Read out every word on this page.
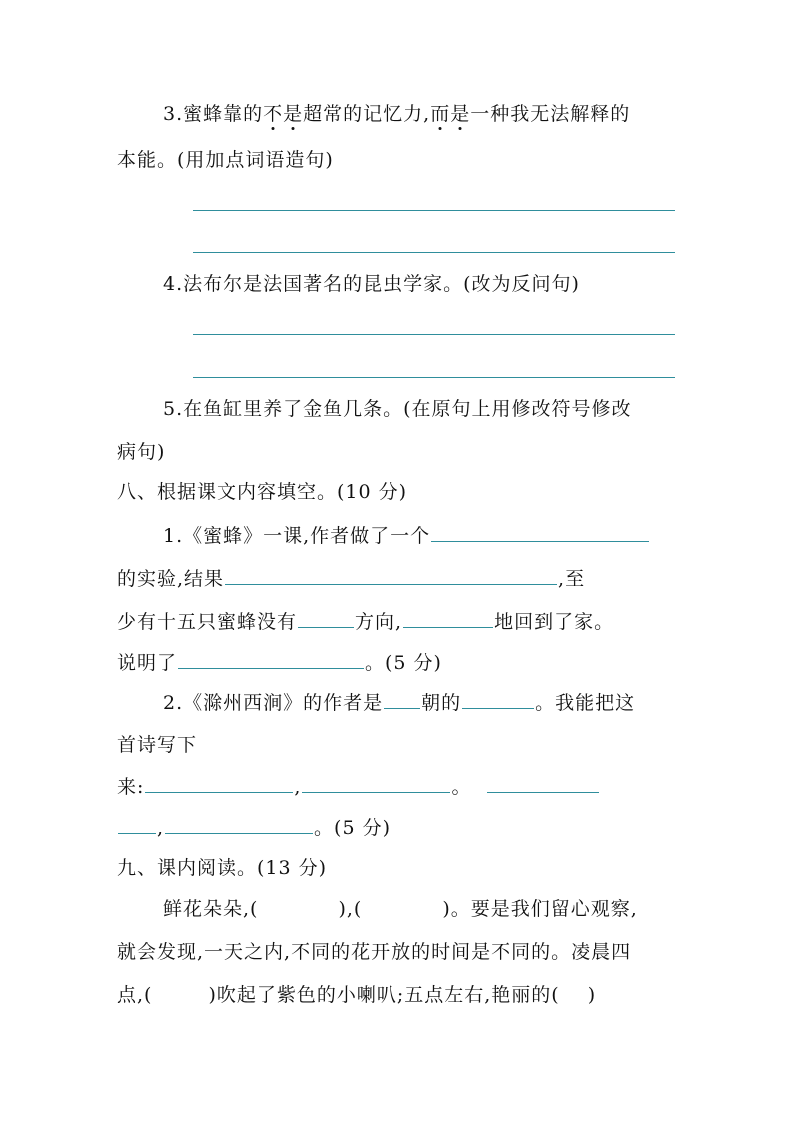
3.蜜蜂靠的不是超常的记忆力,而是一种我无法解释的
本能。(用加点词语造句)
4.法布尔是法国著名的昆虫学家。(改为反问句)
5.在鱼缸里养了金鱼几条。(在原句上用修改符号修改
病句)
八、根据课文内容填空。(10 分)
1.《蜜蜂》一课,作者做了一个
的实验,结果	,至
少有十五只蜜蜂没有	方向,	地回到了家。
说明了	。(5 分)
2.《滁州西涧》的作者是 朝的	。我能把这
首诗写下
来:	,	。
,	。(5 分)
九、课内阅读。(13 分)
鲜花朵朵,(	),(	)。要是我们留心观察,
就会发现,一天之内,不同的花开放的时间是不同的。凌晨四
点,(	)吹起了紫色的小喇叭;五点左右,艳丽的( )
